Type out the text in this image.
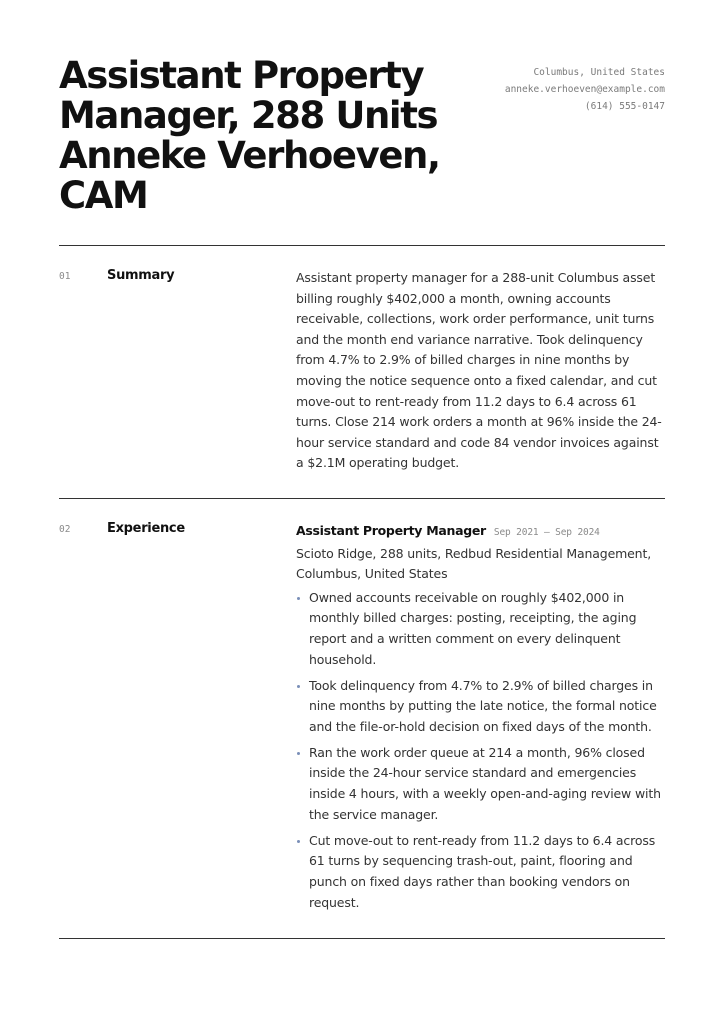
Assistant Property
Manager, 288 Units
Anneke Verhoeven,
CAM
Columbus, United States
anneke.verhoeven@example.com
(614) 555-0147
01	Summary	Assistant property manager for a 288-unit Columbus asset billing roughly $402,000 a month, owning accounts receivable, collections, work order performance, unit turns and the month end variance narrative. Took delinquency from 4.7% to 2.9% of billed charges in nine months by moving the notice sequence onto a fixed calendar, and cut move-out to rent-ready from 11.2 days to 6.4 across 61 turns. Close 214 work orders a month at 96% inside the 24-hour service standard and code 84 vendor invoices against a $2.1M operating budget.

02	Experience	Assistant Property Manager Sep 2021 – Sep 2024

Scioto Ridge, 288 units, Redbud Residential Management, Columbus, United States

Owned accounts receivable on roughly $402,000 in monthly billed charges: posting, receipting, the aging report and a written comment on every delinquent household.
Took delinquency from 4.7% to 2.9% of billed charges in nine months by putting the late notice, the formal notice and the file-or-hold decision on fixed days of the month.
Ran the work order queue at 214 a month, 96% closed inside the 24-hour service standard and emergencies inside 4 hours, with a weekly open-and-aging review with the service manager.
Cut move-out to rent-ready from 11.2 days to 6.4 across 61 turns by sequencing trash-out, paint, flooring and punch on fixed days rather than booking vendors on request.
